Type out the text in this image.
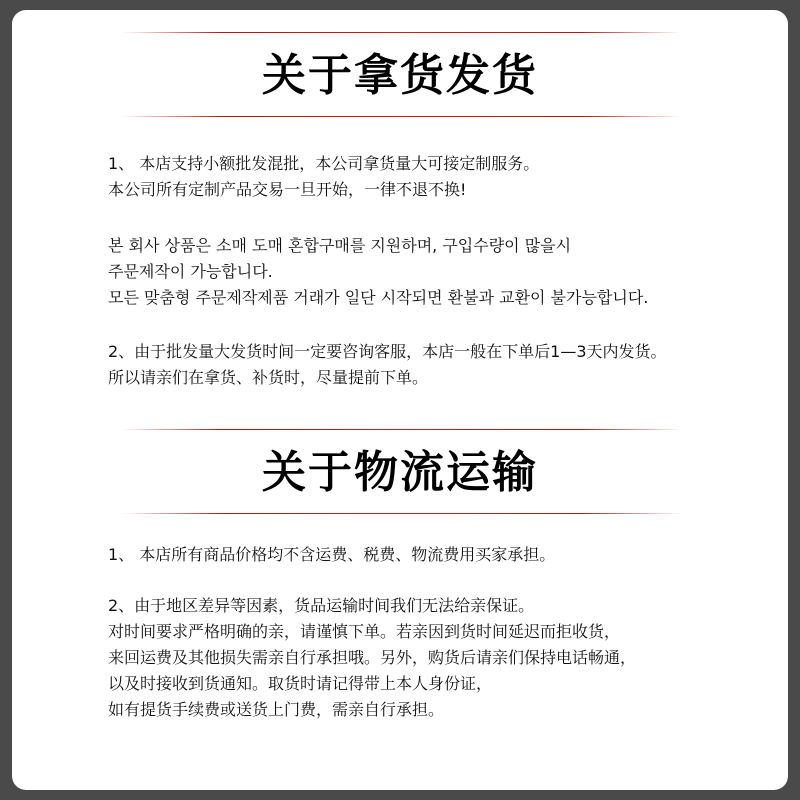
关于拿货发货
1、 本店支持小额批发混批，本公司拿货量大可接定制服务。
本公司所有定制产品交易一旦开始，一律不退不换!
본 회사 상품은 소매 도매 혼합구매를 지원하며, 구입수량이 많을시
주문제작이 가능합니다.
모든 맞춤형 주문제작제품 거래가 일단 시작되면 환불과 교환이 불가능합니다.
2、由于批发量大发货时间一定要咨询客服，本店一般在下单后1—3天内发货。
所以请亲们在拿货、补货时，尽量提前下单。
关于物流运输
1、 本店所有商品价格均不含运费、税费、物流费用买家承担。
2、由于地区差异等因素，货品运输时间我们无法给亲保证。
对时间要求严格明确的亲，请谨慎下单。若亲因到货时间延迟而拒收货，
来回运费及其他损失需亲自行承担哦。另外，购货后请亲们保持电话畅通，
以及时接收到货通知。取货时请记得带上本人身份证，
如有提货手续费或送货上门费，需亲自行承担。
